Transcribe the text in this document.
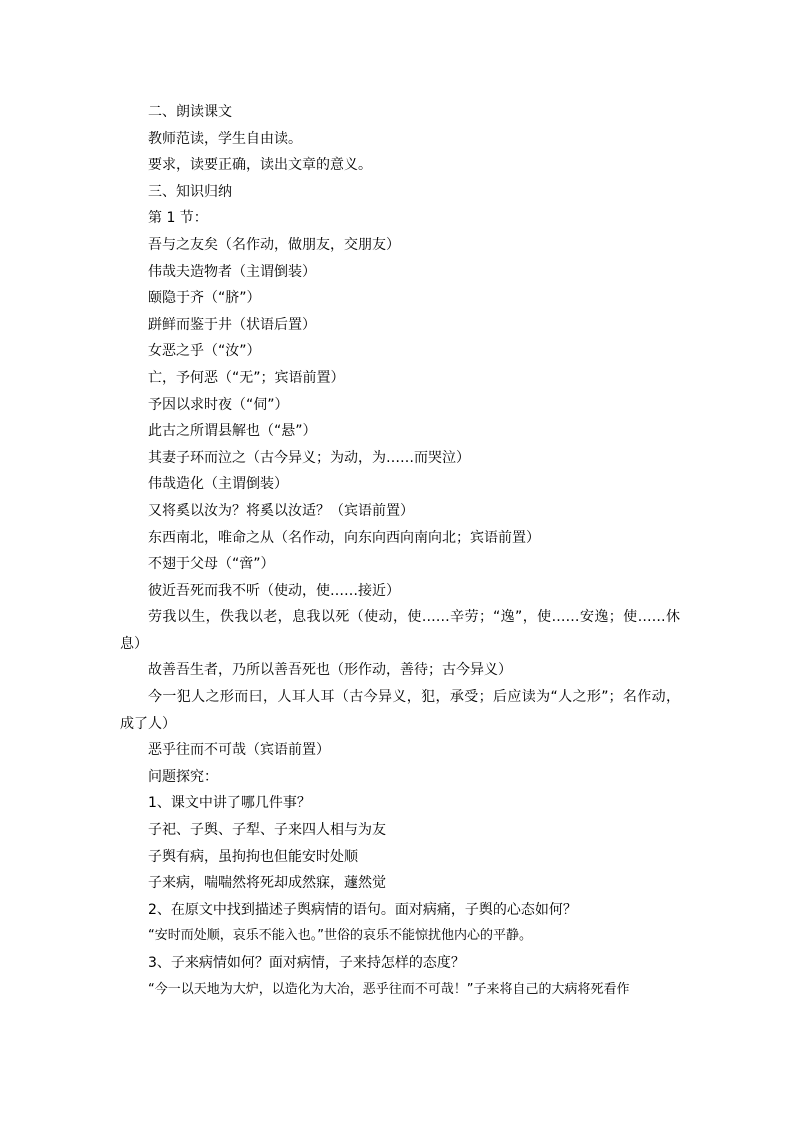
二、朗读课文
教师范读，学生自由读。
要求，读要正确，读出文章的意义。
三、知识归纳
第 1 节：
吾与之友矣（名作动，做朋友，交朋友）
伟哉夫造物者（主谓倒装）
颐隐于齐（“脐”）
跰鲜而鉴于井（状语后置）
女恶之乎（“汝”）
亡，予何恶（“无”；宾语前置）
予因以求时夜（“伺”）
此古之所谓县解也（“悬”）
其妻子环而泣之（古今异义；为动，为……而哭泣）
伟哉造化（主谓倒装）
又将奚以汝为？将奚以汝适？（宾语前置）
东西南北，唯命之从（名作动，向东向西向南向北；宾语前置）
不翅于父母（“啻”）
彼近吾死而我不听（使动，使……接近）
劳我以生，佚我以老，息我以死（使动，使……辛劳；“逸”，使……安逸；使……休息）
故善吾生者，乃所以善吾死也（形作动，善待；古今异义）
今一犯人之形而曰，人耳人耳（古今异义，犯，承受；后应读为“人之形”；名作动，成了人）
恶乎往而不可哉（宾语前置）
问题探究：
1、课文中讲了哪几件事？
子祀、子舆、子犁、子来四人相与为友
子舆有病，虽拘拘也但能安时处顺
子来病，喘喘然将死却成然寐，蘧然觉
2、在原文中找到描述子舆病情的语句。面对病痛，子舆的心态如何？
“安时而处顺，哀乐不能入也。”世俗的哀乐不能惊扰他内心的平静。
3、子来病情如何？面对病情，子来持怎样的态度？
“今一以天地为大炉，以造化为大冶，恶乎往而不可哉！”子来将自己的大病将死看作
